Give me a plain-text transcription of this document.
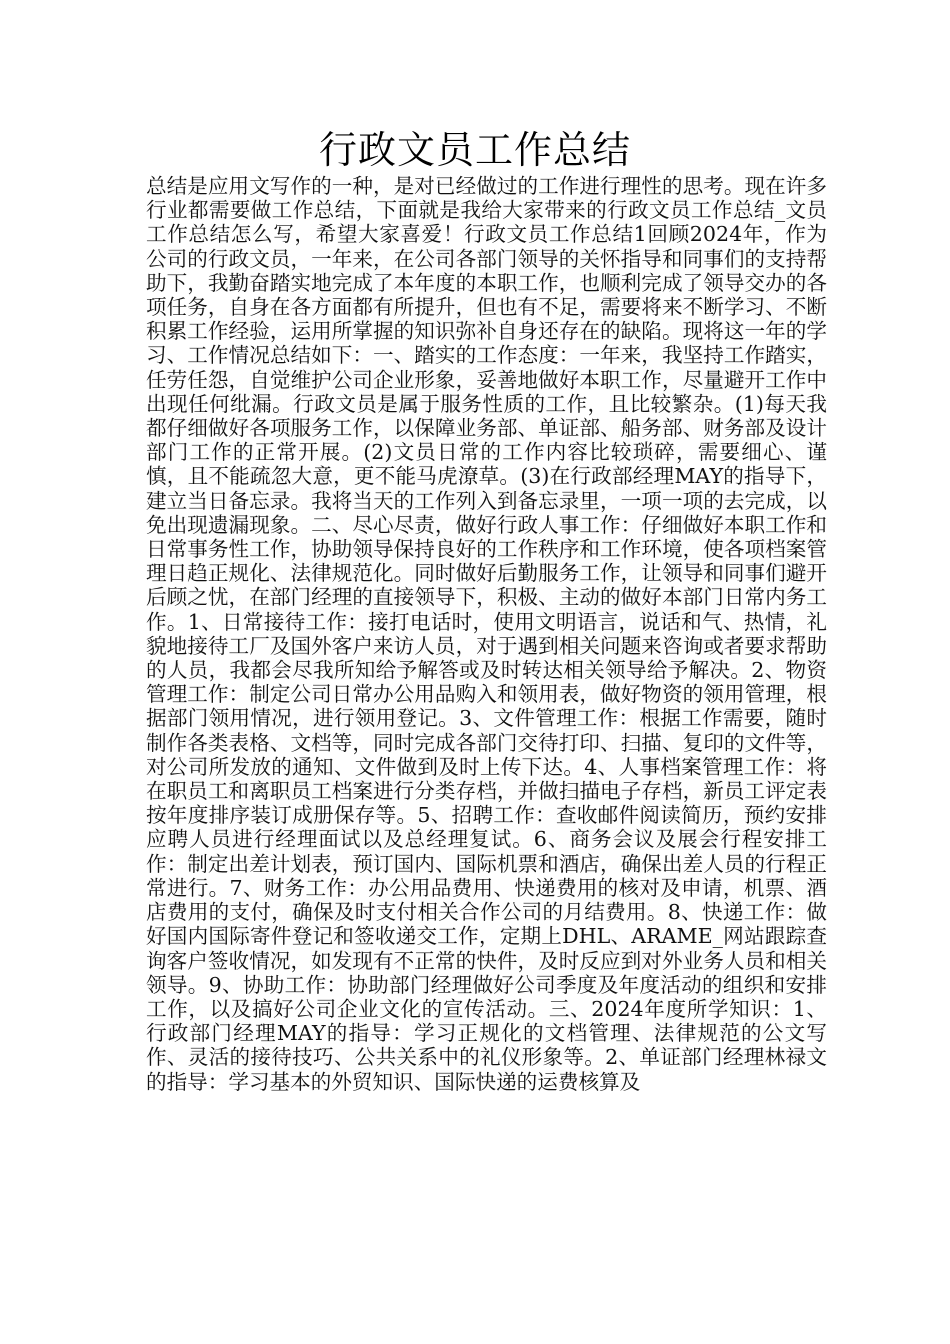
行政文员工作总结

总结是应用文写作的一种，是对已经做过的工作进行理性的思考。现在许多行业都需要做工作总结，下面就是我给大家带来的行政文员工作总结_文员工作总结怎么写，希望大家喜爱！行政文员工作总结1回顾2024年，作为公司的行政文员，一年来，在公司各部门领导的关怀指导和同事们的支持帮助下，我勤奋踏实地完成了本年度的本职工作，也顺利完成了领导交办的各项任务，自身在各方面都有所提升，但也有不足，需要将来不断学习、不断积累工作经验，运用所掌握的知识弥补自身还存在的缺陷。现将这一年的学习、工作情况总结如下：一、踏实的工作态度：一年来，我坚持工作踏实，任劳任怨，自觉维护公司企业形象，妥善地做好本职工作，尽量避开工作中出现任何纰漏。行政文员是属于服务性质的工作，且比较繁杂。(1)每天我都仔细做好各项服务工作，以保障业务部、单证部、船务部、财务部及设计部门工作的正常开展。(2)文员日常的工作内容比较琐碎，需要细心、谨慎，且不能疏忽大意，更不能马虎潦草。(3)在行政部经理MAY的指导下，建立当日备忘录。我将当天的工作列入到备忘录里，一项一项的去完成，以免出现遗漏现象。二、尽心尽责，做好行政人事工作：仔细做好本职工作和日常事务性工作，协助领导保持良好的工作秩序和工作环境，使各项档案管理日趋正规化、法律规范化。同时做好后勤服务工作，让领导和同事们避开后顾之忧，在部门经理的直接领导下，积极、主动的做好本部门日常内务工作。1、日常接待工作：接打电话时，使用文明语言，说话和气、热情，礼貌地接待工厂及国外客户来访人员，对于遇到相关问题来咨询或者要求帮助的人员，我都会尽我所知给予解答或及时转达相关领导给予解决。2、物资管理工作：制定公司日常办公用品购入和领用表，做好物资的领用管理，根据部门领用情况，进行领用登记。3、文件管理工作：根据工作需要，随时制作各类表格、文档等，同时完成各部门交待打印、扫描、复印的文件等，对公司所发放的通知、文件做到及时上传下达。4、人事档案管理工作：将在职员工和离职员工档案进行分类存档，并做扫描电子存档，新员工评定表按年度排序装订成册保存等。5、招聘工作：查收邮件阅读简历，预约安排应聘人员进行经理面试以及总经理复试。6、商务会议及展会行程安排工作：制定出差计划表，预订国内、国际机票和酒店，确保出差人员的行程正常进行。7、财务工作：办公用品费用、快递费用的核对及申请，机票、酒店费用的支付，确保及时支付相关合作公司的月结费用。8、快递工作：做好国内国际寄件登记和签收递交工作，定期上DHL、ARAME_网站跟踪查询客户签收情况，如发现有不正常的快件，及时反应到对外业务人员和相关领导。9、协助工作：协助部门经理做好公司季度及年度活动的组织和安排工作，以及搞好公司企业文化的宣传活动。三、2024年度所学知识：1、行政部门经理MAY的指导：学习正规化的文档管理、法律规范的公文写作、灵活的接待技巧、公共关系中的礼仪形象等。2、单证部门经理林禄文的指导：学习基本的外贸知识、国际快递的运费核算及
